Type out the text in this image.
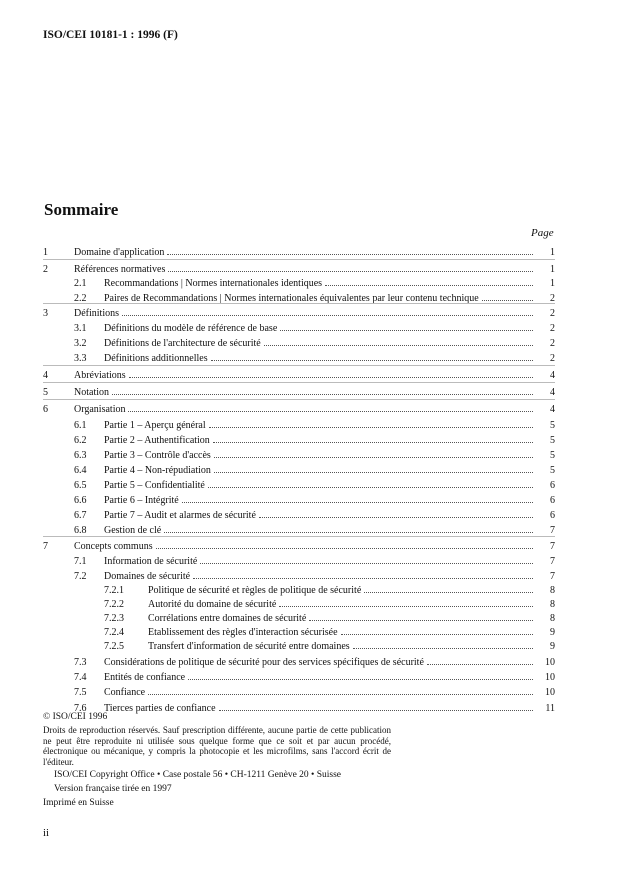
ISO/CEI 10181-1 : 1996 (F)
Sommaire
Page
1	Domaine d'application	1
2	Références normatives	1
2.1 Recommandations | Normes internationales identiques	1
2.2 Paires de Recommandations | Normes internationales équivalentes par leur contenu technique	2
3	Définitions	2
3.1 Définitions du modèle de référence de base	2
3.2 Définitions de l'architecture de sécurité	2
3.3 Définitions additionnelles	2
4	Abréviations	4
5	Notation	4
6	Organisation	4
6.1 Partie 1 – Aperçu général	5
6.2 Partie 2 – Authentification	5
6.3 Partie 3 – Contrôle d'accès	5
6.4 Partie 4 – Non-répudiation	5
6.5 Partie 5 – Confidentialité	6
6.6 Partie 6 – Intégrité	6
6.7 Partie 7 – Audit et alarmes de sécurité	6
6.8 Gestion de clé	7
7	Concepts communs	7
7.1 Information de sécurité	7
7.2 Domaines de sécurité	7
7.2.1 Politique de sécurité et règles de politique de sécurité	8
7.2.2 Autorité du domaine de sécurité	8
7.2.3 Corrélations entre domaines de sécurité	8
7.2.4 Etablissement des règles d'interaction sécurisée	9
7.2.5 Transfert d'information de sécurité entre domaines	9
7.3 Considérations de politique de sécurité pour des services spécifiques de sécurité	10
7.4 Entités de confiance	10
7.5 Confiance	10
7.6 Tierces parties de confiance	11
© ISO/CEI 1996
Droits de reproduction réservés. Sauf prescription différente, aucune partie de cette publication ne peut être reproduite ni utilisée sous quelque forme que ce soit et par aucun procédé, électronique ou mécanique, y compris la photocopie et les microfilms, sans l'accord écrit de l'éditeur.
ISO/CEI Copyright Office • Case postale 56 • CH-1211 Genève 20 • Suisse
Version française tirée en 1997
Imprimé en Suisse
ii
